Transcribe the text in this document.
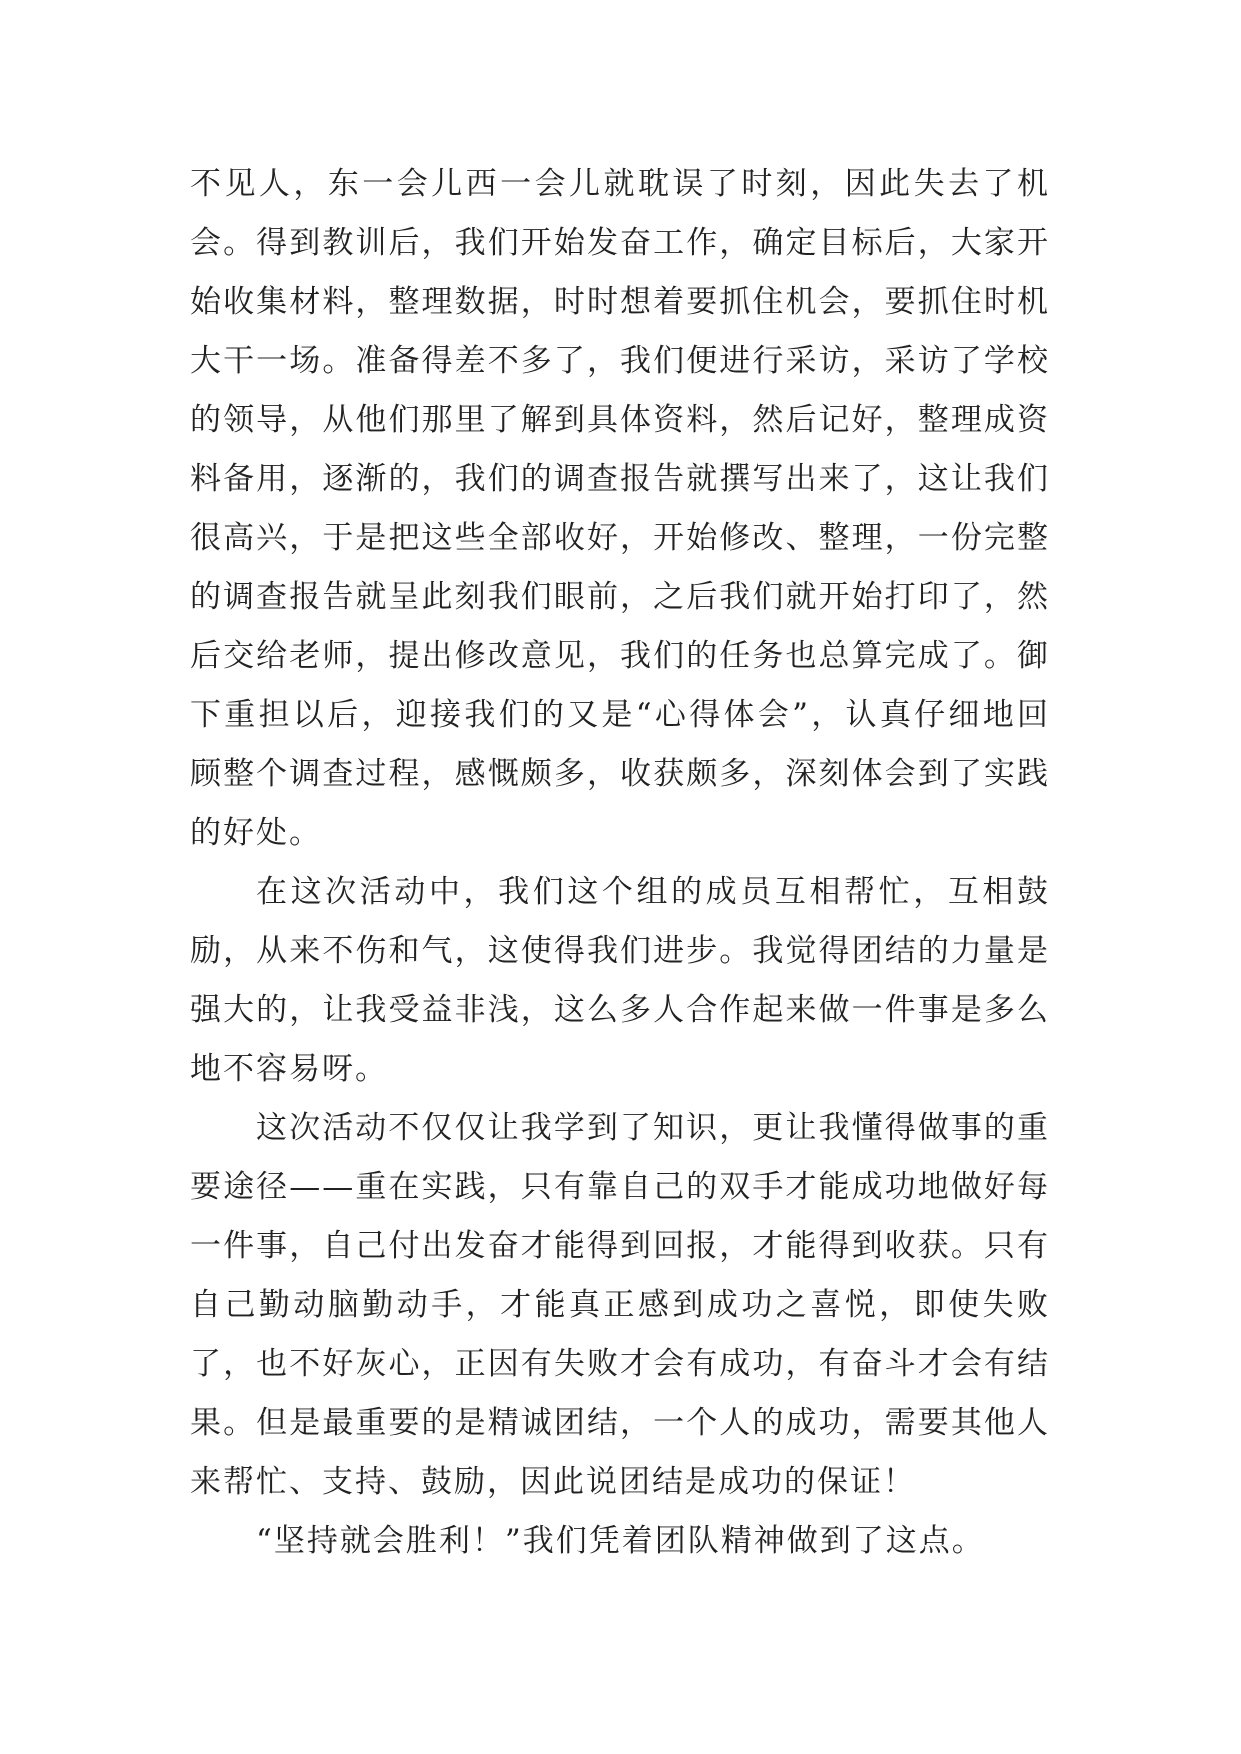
不见人，东一会儿西一会儿就耽误了时刻，因此失去了机会。得到教训后，我们开始发奋工作，确定目标后，大家开始收集材料，整理数据，时时想着要抓住机会，要抓住时机大干一场。准备得差不多了，我们便进行采访，采访了学校的领导，从他们那里了解到具体资料，然后记好，整理成资料备用，逐渐的，我们的调查报告就撰写出来了，这让我们很高兴，于是把这些全部收好，开始修改、整理，一份完整的调查报告就呈此刻我们眼前，之后我们就开始打印了，然后交给老师，提出修改意见，我们的任务也总算完成了。御下重担以后，迎接我们的又是“心得体会”，认真仔细地回顾整个调查过程，感慨颇多，收获颇多，深刻体会到了实践的好处。

在这次活动中，我们这个组的成员互相帮忙，互相鼓励，从来不伤和气，这使得我们进步。我觉得团结的力量是强大的，让我受益非浅，这么多人合作起来做一件事是多么地不容易呀。

这次活动不仅仅让我学到了知识，更让我懂得做事的重要途径——重在实践，只有靠自己的双手才能成功地做好每一件事，自己付出发奋才能得到回报，才能得到收获。只有自己勤动脑勤动手，才能真正感到成功之喜悦，即使失败了，也不好灰心，正因有失败才会有成功，有奋斗才会有结果。但是最重要的是精诚团结，一个人的成功，需要其他人来帮忙、支持、鼓励，因此说团结是成功的保证！

“坚持就会胜利！”我们凭着团队精神做到了这点。
